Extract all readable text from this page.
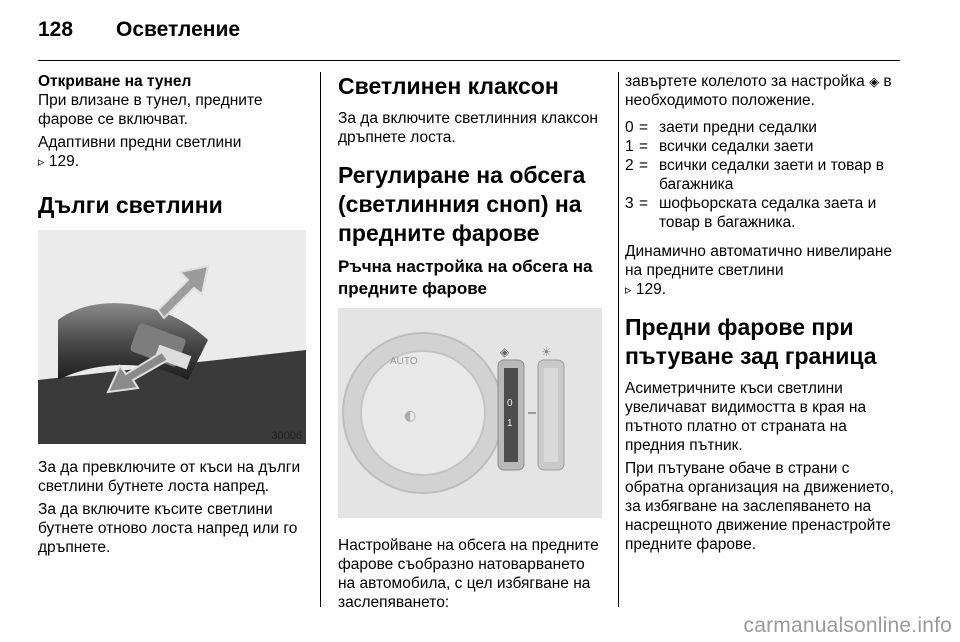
128 Осветление
Откриване на тунел

При влизане в тунел, предните фарове се включват.

Адаптивни предни светлини
▹ 129.

Дълги светлини
30006

За да превключите от къси на дълги светлини бутнете лоста напред.

За да включите късите светлини бутнете отново лоста напред или го дръпнете.

Светлинен клаксон

За да включите светлинния клаксон дръпнете лоста.

Регулиране на обсега (светлинния сноп) на предните фарове
Ръчна настройка на обсега на предните фарове
AUTO
◐
0
1
◈	☀

Настройване на обсега на предните фарове съобразно натоварването на автомобила, с цел избягване на заслепяването:

завъртете колелото за настройка ◈ в необходимото положение.

0 = заети предни седалки
1 = всички седалки заети
2 = всички седалки заети и товар в багажника
3 = шофьорската седалка заета и товар в багажника.

Динамично автоматично нивелиране на предните светлини
▹ 129.

Предни фарове при пътуване зад граница

Асиметричните къси светлини увеличават видимостта в края на пътното платно от страната на предния пътник.

При пътуване обаче в страни с обратна организация на движението, за избягване на заслепяването на насрещното движение пренастройте предните фарове.

carmanualsonline.info
